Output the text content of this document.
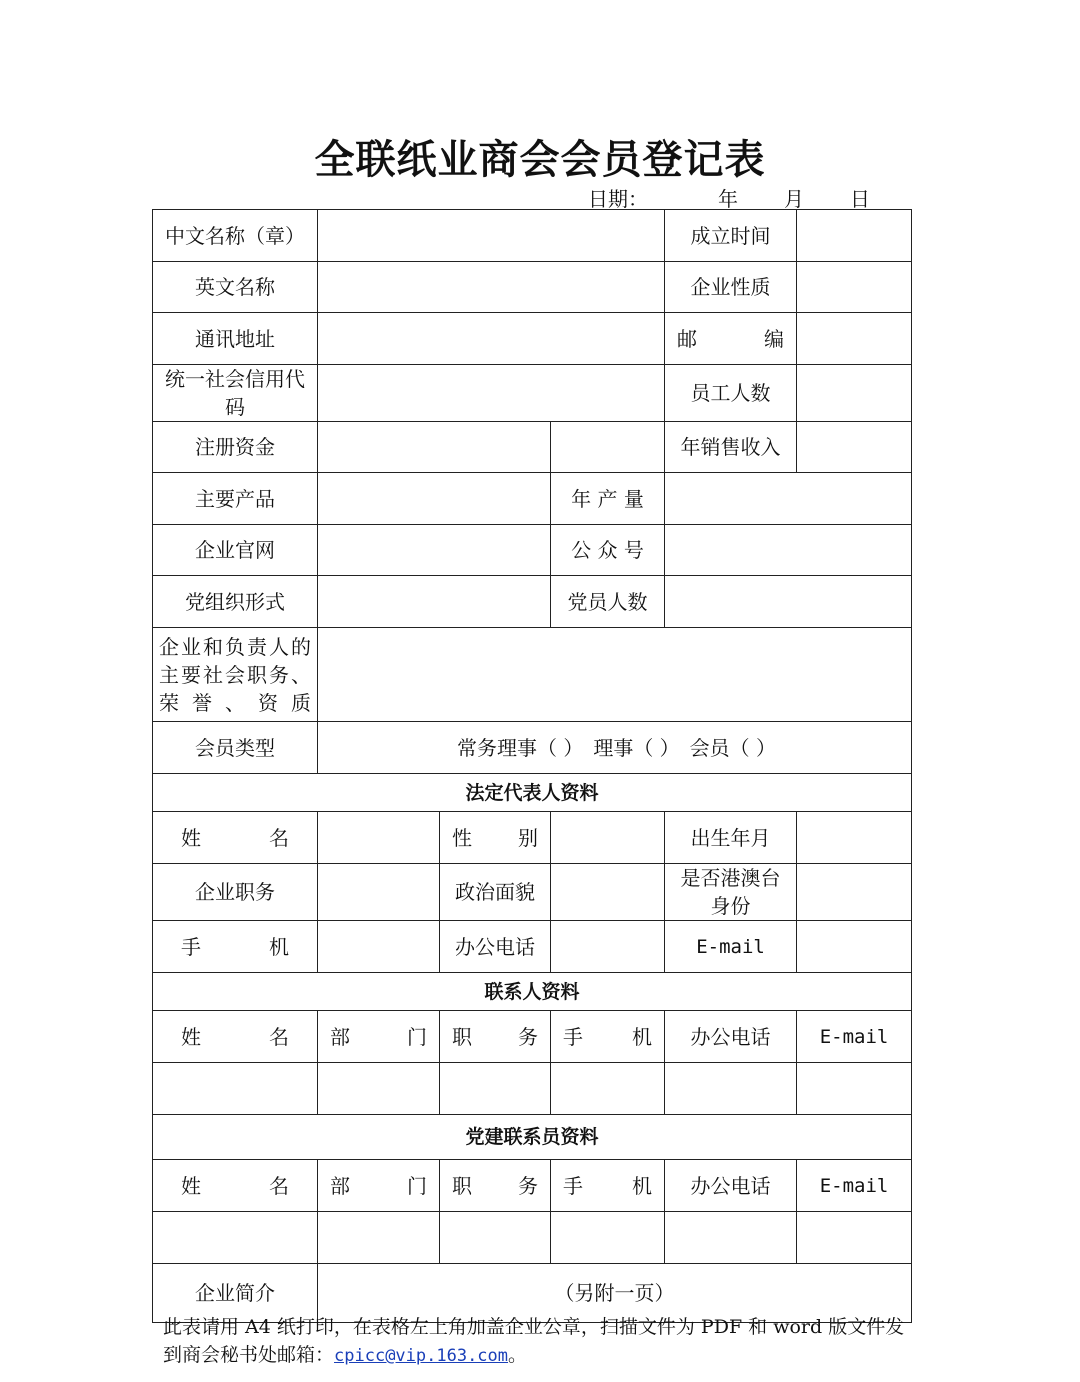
全联纸业商会会员登记表
日期：	年 月 日
中文名称（章）				成立时间	
英文名称				企业性质	
通讯地址				邮 编	

统一社会信用代码				员工人数	
注册资金				年销售收入	
主要产品			年 产 量		
企业官网			公 众 号		
党组织形式			党员人数		

企业和负责人的主要社会职务、荣誉、资质					

会员类型	常务理事（ ）　理事（ ）　会员（ ）				
法定代表人资料					

姓 名		性 别		出生年月	
企业职务		政治面貌		是否港澳台身份	

手 机		办公电话		E-mail	
联系人资料					

姓 名	部 门	职 务	手 机	办公电话	E-mail

党建联系员资料					

姓 名	部 门	职 务	手 机	办公电话	E-mail

企业简介	（另附一页）				
此表请用 A4 纸打印，在表格左上角加盖企业公章，扫描文件为 PDF 和 word 版文件发到商会秘书处邮箱：cpicc@vip.163.com。
